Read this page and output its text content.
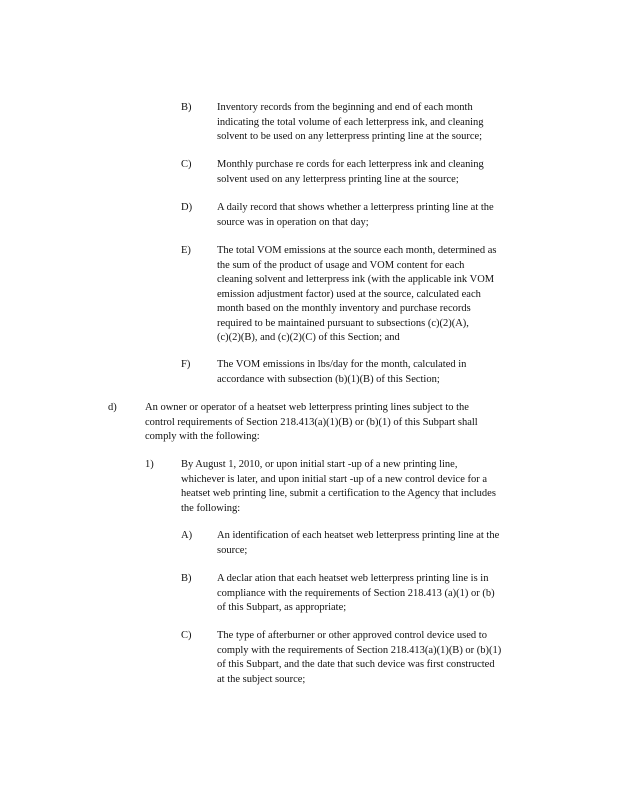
B) Inventory records from the beginning and end of each month
indicating the total volume of each letterpress ink, and cleaning
solvent to be used on any letterpress printing line at the source;
C) Monthly purchase re cords for each letterpress ink and cleaning
solvent used on any letterpress printing line at the source;
D) A daily record that shows whether a letterpress printing line at the
source was in operation on that day;
E) The total VOM emissions at the source each month, determined as
the sum of the product of usage and VOM content for each
cleaning solvent and letterpress ink (with the applicable ink VOM
emission adjustment factor) used at the source, calculated each
month based on the monthly inventory and purchase records
required to be maintained pursuant to subsections (c)(2)(A),
(c)(2)(B), and (c)(2)(C) of this Section; and
F)	The VOM emissions in lbs/day for the month, calculated in
accordance with subsection (b)(1)(B) of this Section;
d)	An owner or operator of a heatset web letterpress printing lines subject to the
control requirements of Section 218.413(a)(1)(B) or (b)(1) of this Subpart shall
comply with the following:
1)	By August 1, 2010, or upon initial start -up of a new printing line,
whichever is later, and upon initial start -up of a new control device for a
heatset web printing line, submit a certification to the Agency that includes
the following:
A) An identification of each heatset web letterpress printing line at the
source;
B) A declar ation that each heatset web letterpress printing line is in
compliance with the requirements of Section 218.413 (a)(1) or (b)
of this Subpart, as appropriate;
C) The type of afterburner or other approved control device used to
comply with the requirements of Section 218.413(a)(1)(B) or (b)(1)
of this Subpart, and the date that such device was first constructed
at the subject source;
